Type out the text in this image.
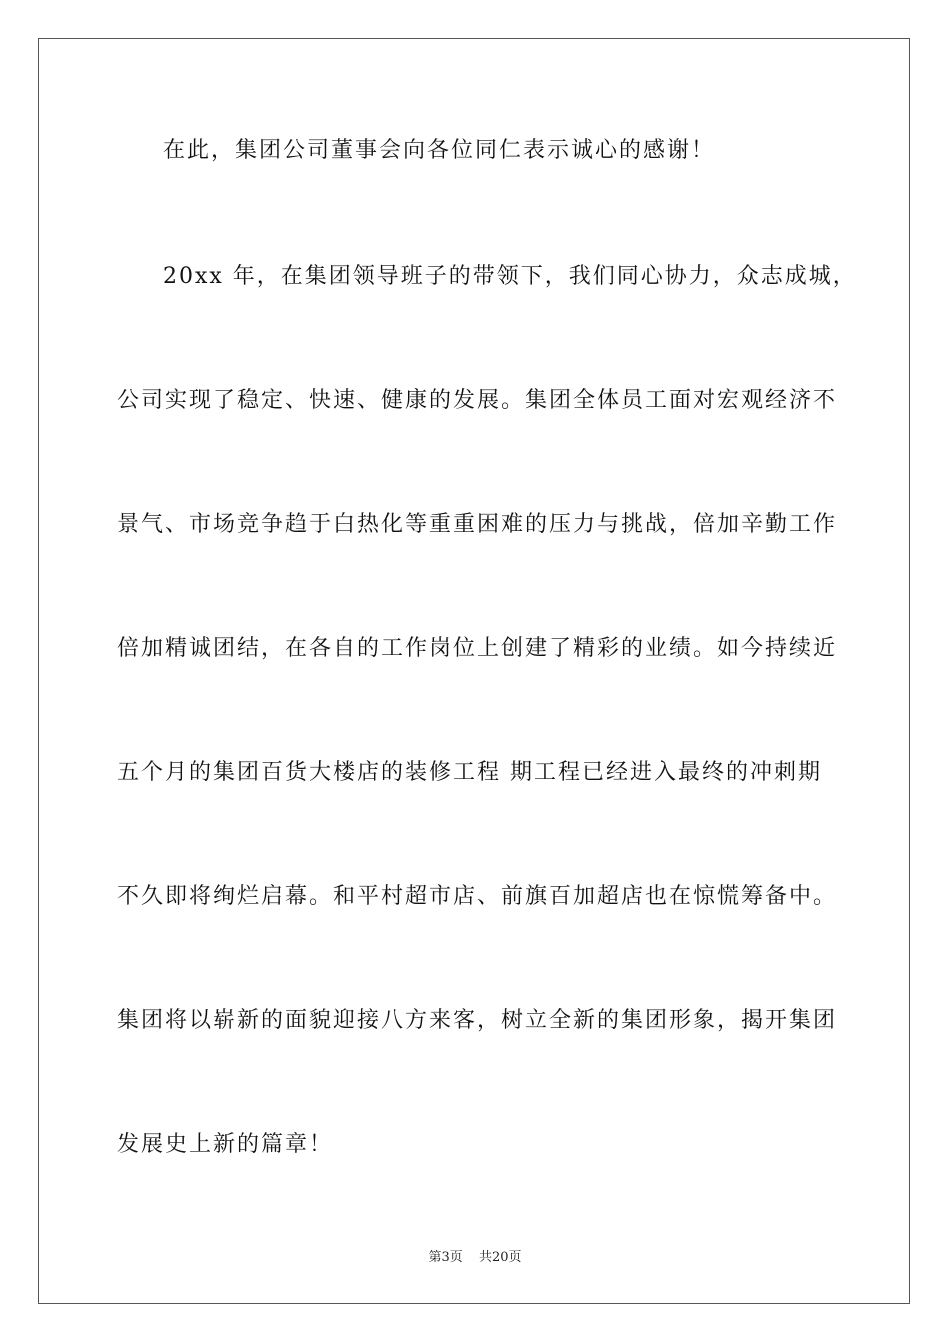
在此，集团公司董事会向各位同仁表示诚心的感谢！
20xx 年，在集团领导班子的带领下，我们同心协力，众志成城，
公司实现了稳定、快速、健康的发展。集团全体员工面对宏观经济不
景气、市场竞争趋于白热化等重重困难的压力与挑战，倍加辛勤工作
倍加精诚团结，在各自的工作岗位上创建了精彩的业绩。如今持续近
五个月的集团百货大楼店的装修工程 期工程已经进入最终的冲刺期
不久即将绚烂启幕。和平村超市店、前旗百加超店也在惊慌筹备中。
集团将以崭新的面貌迎接八方来客，树立全新的集团形象，揭开集团
发展史上新的篇章！
第3页 共20页
